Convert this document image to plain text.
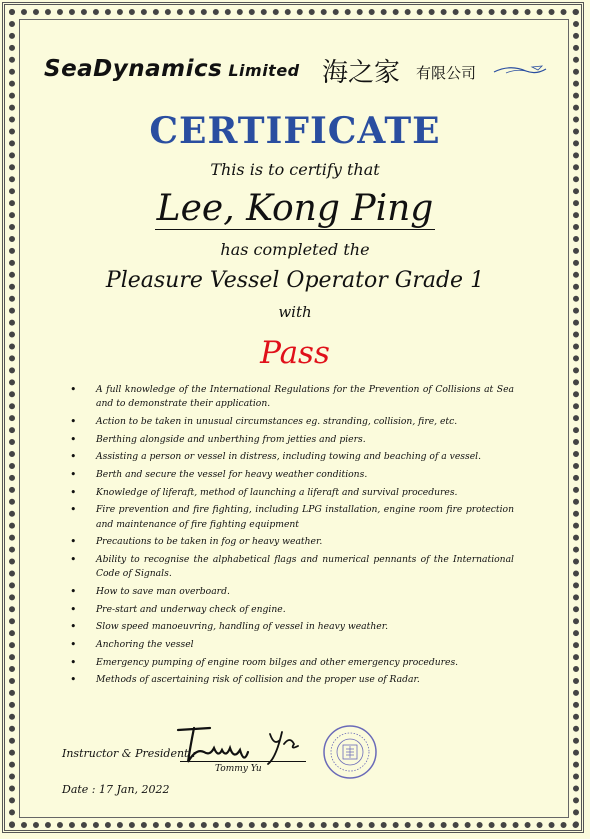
SeaDynamics Limited 海之家 有限公司
CERTIFICATE
This is to certify that
Lee, Kong Ping
has completed the
Pleasure Vessel Operator Grade 1
with
Pass
• A full knowledge of the International Regulations for the Prevention of Collisions at Sea and to demonstrate their application.
• Action to be taken in unusual circumstances eg. stranding, collision, fire, etc.
• Berthing alongside and unberthing from jetties and piers.
• Assisting a person or vessel in distress, including towing and beaching of a vessel.
• Berth and secure the vessel for heavy weather conditions.
• Knowledge of liferaft, method of launching a liferaft and survival procedures.
• Fire prevention and fire fighting, including LPG installation, engine room fire protection and maintenance of fire fighting equipment
• Precautions to be taken in fog or heavy weather.
• Ability to recognise the alphabetical flags and numerical pennants of the International Code of Signals.
• How to save man overboard.
• Pre-start and underway check of engine.
• Slow speed manoeuvring, handling of vessel in heavy weather.
• Anchoring the vessel
• Emergency pumping of engine room bilges and other emergency procedures.
• Methods of ascertaining risk of collision and the proper use of Radar.
Instructor & President :
Tommy Yu
Date : 17 Jan, 2022
